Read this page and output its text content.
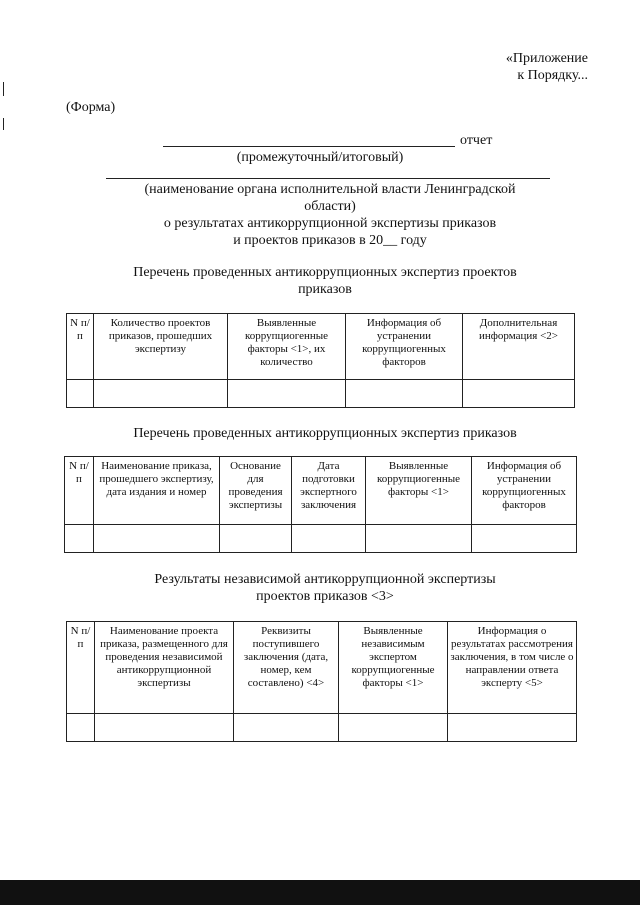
«Приложение
к Порядку...
(Форма)
отчет
(промежуточный/итоговый)
(наименование органа исполнительной власти Ленинградской
области)
о результатах антикоррупционной экспертизы приказов
и проектов приказов в 20__ году
Перечень проведенных антикоррупционных экспертиз проектов
приказов
N п/п	Количество проектов приказов, прошедших экспертизу	Выявленные коррупциогенные факторы <1>, их количество	Информация об устранении коррупциогенных факторов	Дополнительная информация <2>

Перечень проведенных антикоррупционных экспертиз приказов
N п/п	Наименование приказа, прошедшего экспертизу, дата издания и номер	Основание для проведения экспертизы	Дата подготовки экспертного заключения	Выявленные коррупциогенные факторы <1>	Информация об устранении коррупциогенных факторов

Результаты независимой антикоррупционной экспертизы
проектов приказов <3>
N п/п	Наименование проекта приказа, размещенного для проведения независимой антикоррупционной экспертизы	Реквизиты поступившего заключения (дата, номер, кем составлено) <4>	Выявленные независимым экспертом коррупциогенные факторы <1>	Информация о результатах рассмотрения заключения, в том числе о направлении ответа эксперту <5>
